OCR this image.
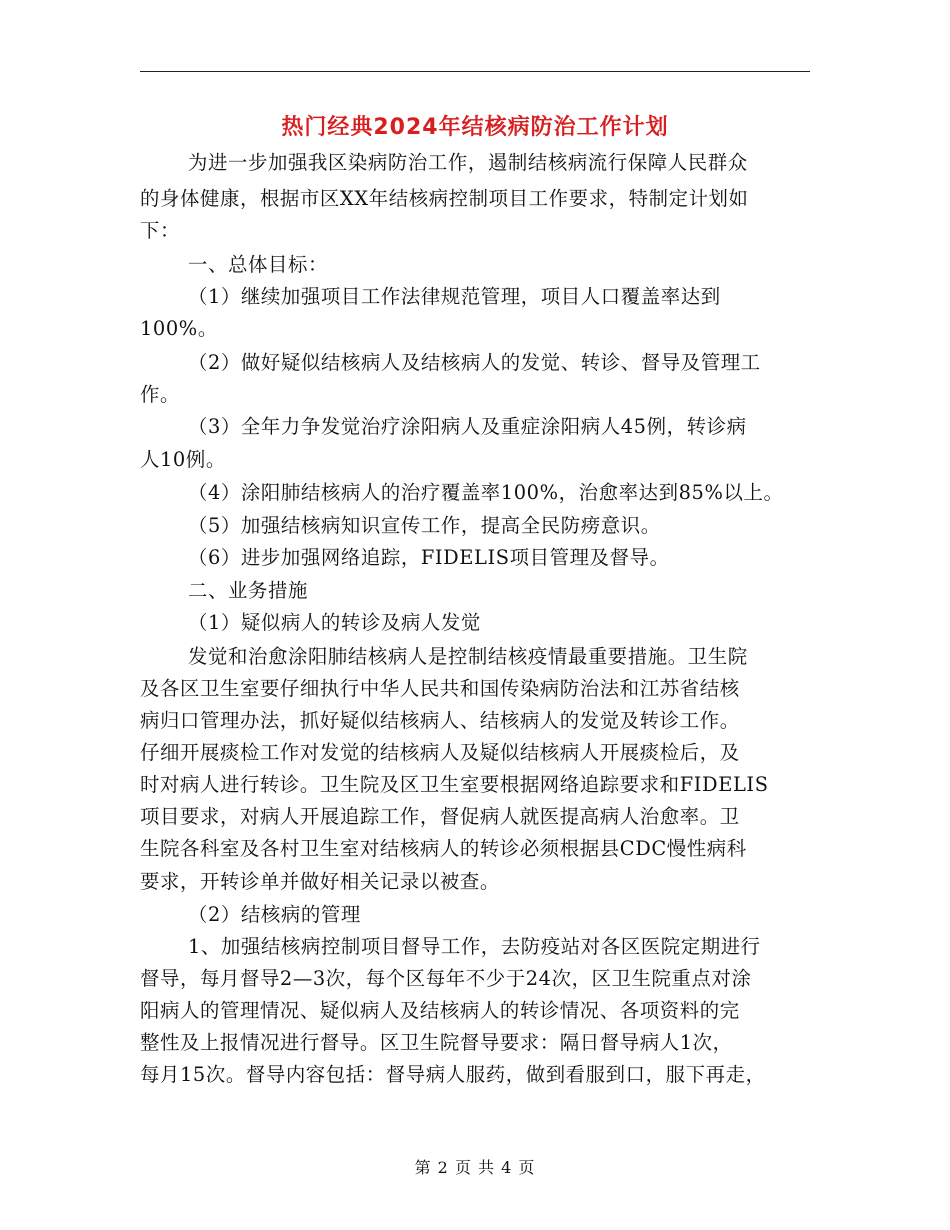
热门经典2024年结核病防治工作计划
为进一步加强我区染病防治工作，遏制结核病流行保障人民群众
的身体健康，根据市区XX年结核病控制项目工作要求，特制定计划如
下：
一、总体目标：
（1）继续加强项目工作法律规范管理，项目人口覆盖率达到
100%。
（2）做好疑似结核病人及结核病人的发觉、转诊、督导及管理工
作。
（3）全年力争发觉治疗涂阳病人及重症涂阳病人45例，转诊病
人10例。
（4）涂阳肺结核病人的治疗覆盖率100%，治愈率达到85%以上。
（5）加强结核病知识宣传工作，提高全民防痨意识。
（6）进步加强网络追踪，FIDELIS项目管理及督导。
二、业务措施
（1）疑似病人的转诊及病人发觉
发觉和治愈涂阳肺结核病人是控制结核疫情最重要措施。卫生院
及各区卫生室要仔细执行中华人民共和国传染病防治法和江苏省结核
病归口管理办法，抓好疑似结核病人、结核病人的发觉及转诊工作。
仔细开展痰检工作对发觉的结核病人及疑似结核病人开展痰检后，及
时对病人进行转诊。卫生院及区卫生室要根据网络追踪要求和FIDELIS
项目要求，对病人开展追踪工作，督促病人就医提高病人治愈率。卫
生院各科室及各村卫生室对结核病人的转诊必须根据县CDC慢性病科
要求，开转诊单并做好相关记录以被查。
（2）结核病的管理
1、加强结核病控制项目督导工作，去防疫站对各区医院定期进行
督导，每月督导2—3次，每个区每年不少于24次，区卫生院重点对涂
阳病人的管理情况、疑似病人及结核病人的转诊情况、各项资料的完
整性及上报情况进行督导。区卫生院督导要求：隔日督导病人1次，
每月15次。督导内容包括：督导病人服药，做到看服到口，服下再走，
第 2 页 共 4 页
